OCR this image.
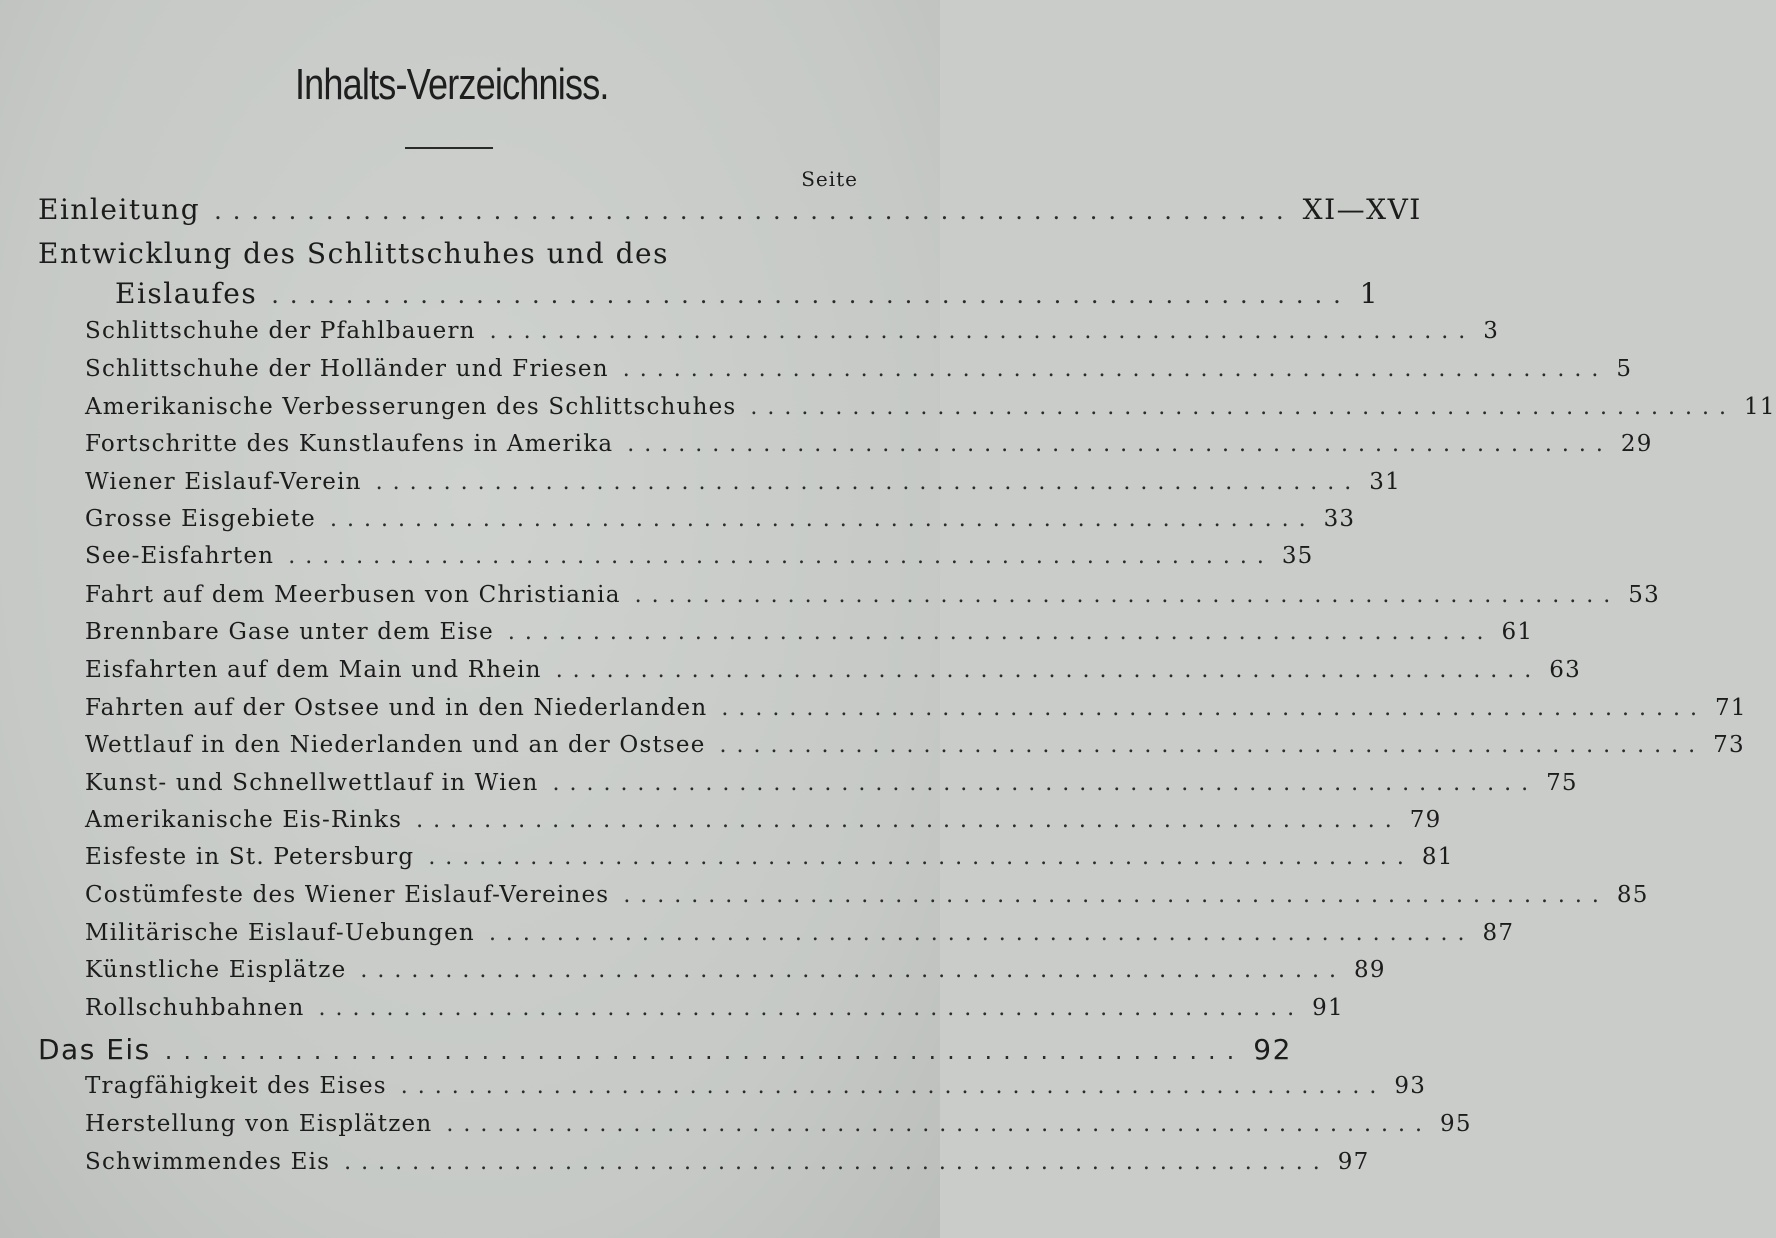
Inhalts-Verzeichniss.
Seite
Einleitung .......................................................... XI—XVI
Entwicklung des Schlittschuhes und des
Eislaufes .......................................................... 1
Schlittschuhe der Pfahlbauern .......................................................... 3
Schlittschuhe der Holländer und Friesen .......................................................... 5
Amerikanische Verbesserungen des Schlittschuhes .......................................................... 11
Fortschritte des Kunstlaufens in Amerika .......................................................... 29
Wiener Eislauf-Verein .......................................................... 31
Grosse Eisgebiete .......................................................... 33
See-Eisfahrten .......................................................... 35
Fahrt auf dem Meerbusen von Christiania .......................................................... 53
Brennbare Gase unter dem Eise .......................................................... 61
Eisfahrten auf dem Main und Rhein .......................................................... 63
Fahrten auf der Ostsee und in den Niederlanden .......................................................... 71
Wettlauf in den Niederlanden und an der Ostsee .......................................................... 73
Kunst- und Schnellwettlauf in Wien .......................................................... 75
Amerikanische Eis-Rinks .......................................................... 79
Eisfeste in St. Petersburg .......................................................... 81
Costümfeste des Wiener Eislauf-Vereines .......................................................... 85
Militärische Eislauf-Uebungen .......................................................... 87
Künstliche Eisplätze .......................................................... 89
Rollschuhbahnen .......................................................... 91
Das Eis .......................................................... 92
Tragfähigkeit des Eises .......................................................... 93
Herstellung von Eisplätzen .......................................................... 95
Schwimmendes Eis .......................................................... 97
